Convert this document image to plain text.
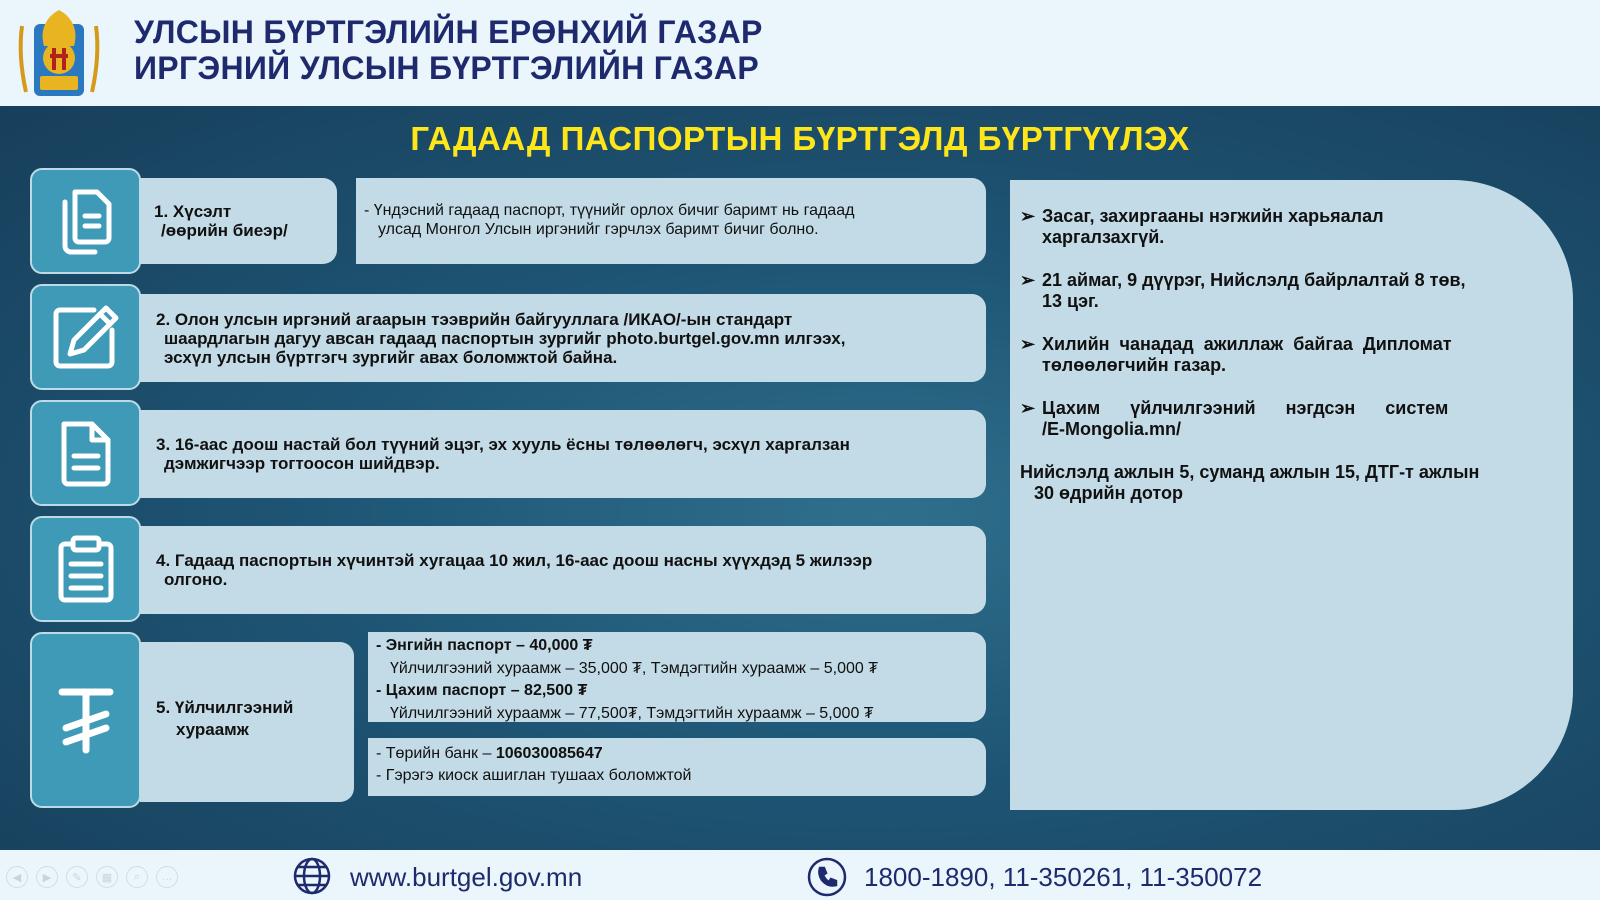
УЛСЫН БҮРТГЭЛИЙН ЕРӨНХИЙ ГАЗАР
ИРГЭНИЙ УЛСЫН БҮРТГЭЛИЙН ГАЗАР
ГАДААД ПАСПОРТЫН БҮРТГЭЛД БҮРТГҮҮЛЭХ
1. Хүсэлт
/өөрийн биеэр/
- Үндэсний гадаад паспорт, түүнийг орлох бичиг баримт нь гадаад
улсад Монгол Улсын иргэнийг гэрчлэх баримт бичиг болно.
2. Олон улсын иргэний агаарын тээврийн байгууллага /ИКАО/-ын стандарт
шаардлагын дагуу авсан гадаад паспортын зургийг photo.burtgel.gov.mn илгээх,
эсхүл улсын бүртгэгч зургийг авах боломжтой байна.
3. 16-аас доош настай бол түүний эцэг, эх хууль ёсны төлөөлөгч, эсхүл харгалзан
дэмжигчээр тогтоосон шийдвэр.
4. Гадаад паспортын хүчинтэй хугацаа 10 жил, 16-аас доош насны хүүхдэд 5 жилээр
олгоно.
5. Үйлчилгээний
хураамж
- Энгийн паспорт – 40,000 ₮
Үйлчилгээний хураамж – 35,000 ₮, Тэмдэгтийн хураамж – 5,000 ₮
- Цахим паспорт – 82,500 ₮
Үйлчилгээний хураамж – 77,500₮, Тэмдэгтийн хураамж – 5,000 ₮
- Төрийн банк – 106030085647
- Гэрэгэ киоск ашиглан тушаах боломжтой
➢ Засаг, захиргааны нэгжийн харьяалал
харгалзахгүй.
➢ 21 аймаг, 9 дүүрэг, Нийслэлд байрлалтай 8 төв,
13 цэг.
➢ Хилийн  чанадад  ажиллаж  байгаа  Дипломат
төлөөлөгчийн газар.
➢ Цахим      үйлчилгээний      нэгдсэн      систем
/E-Mongolia.mn/
Нийслэлд ажлын 5, суманд ажлын 15, ДТГ-т ажлын
30 өдрийн дотор
◀	▶	✎	▦	⌕	…	www.burtgel.gov.mn	1800-1890, 11-350261, 11-350072
